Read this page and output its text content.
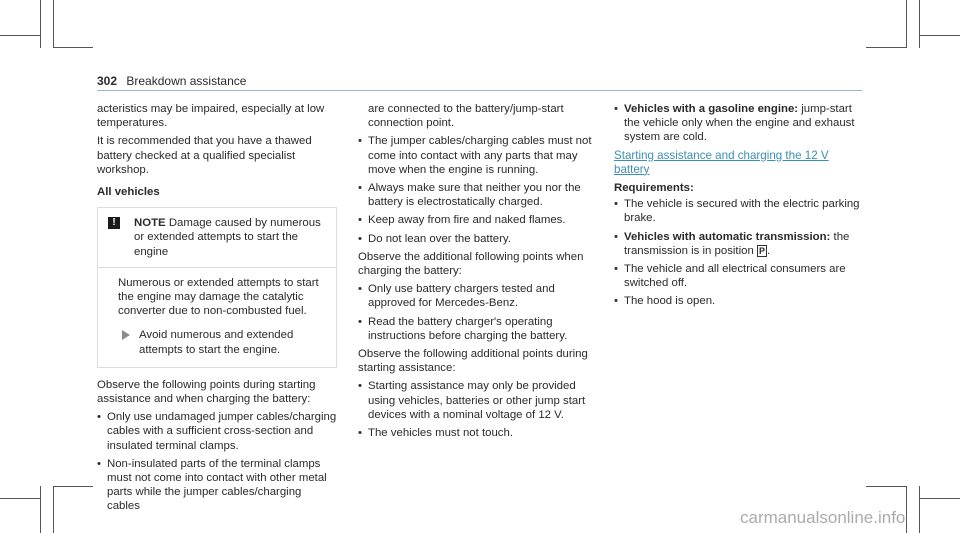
302 Breakdown assistance

acteristics may be impaired, especially at low temperatures.

It is recommended that you have a thawed battery checked at a qualified specialist workshop.

All vehicles

!	NOTE Damage caused by numerous or extended attempts to start the engine

Numerous or extended attempts to start the engine may damage the catalytic converter due to non-combusted fuel.

Avoid numerous and extended attempts to start the engine.

Observe the following points during starting assistance and when charging the battery:

• Only use undamaged jumper cables/charging cables with a sufficient cross-section and insulated terminal clamps.
• Non-insulated parts of the terminal clamps must not come into contact with other metal parts while the jumper cables/charging cables

are connected to the battery/jump-start connection point.

• The jumper cables/charging cables must not come into contact with any parts that may move when the engine is running.
• Always make sure that neither you nor the battery is electrostatically charged.
• Keep away from fire and naked flames.
• Do not lean over the battery.

Observe the additional following points when charging the battery:

• Only use battery chargers tested and approved for Mercedes-Benz.
• Read the battery charger's operating instructions before charging the battery.

Observe the following additional points during starting assistance:

• Starting assistance may only be provided using vehicles, batteries or other jump start devices with a nominal voltage of 12 V.
• The vehicles must not touch.
• Vehicles with a gasoline engine: jump-start the vehicle only when the engine and exhaust system are cold.

Starting assistance and charging the 12 V battery

Requirements:

• The vehicle is secured with the electric parking brake.
• Vehicles with automatic transmission: the transmission is in position P .
• The vehicle and all electrical consumers are switched off.
• The hood is open.
carmanualsonline.info
